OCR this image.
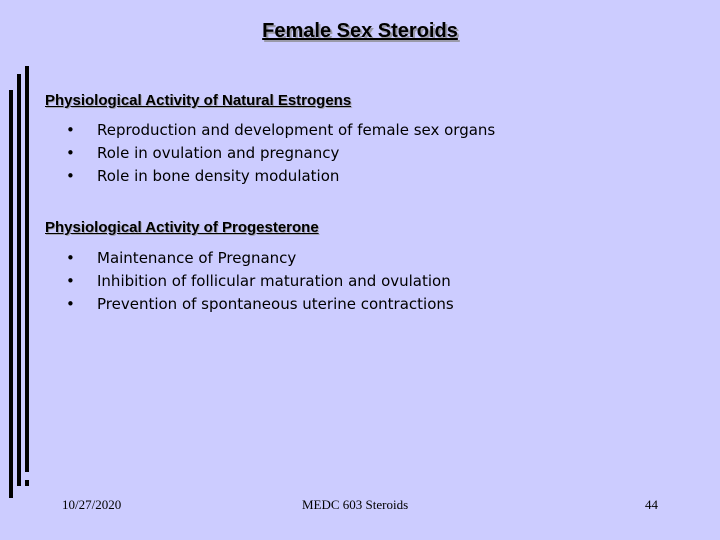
Female Sex Steroids
Physiological Activity of Natural Estrogens
•	Reproduction and development of female sex organs
•	Role in ovulation and pregnancy
•	Role in bone density modulation
Physiological Activity of Progesterone
•	Maintenance of Pregnancy
•	Inhibition of follicular maturation and ovulation
•	Prevention of spontaneous uterine contractions
10/27/2020	MEDC 603 Steroids	44
